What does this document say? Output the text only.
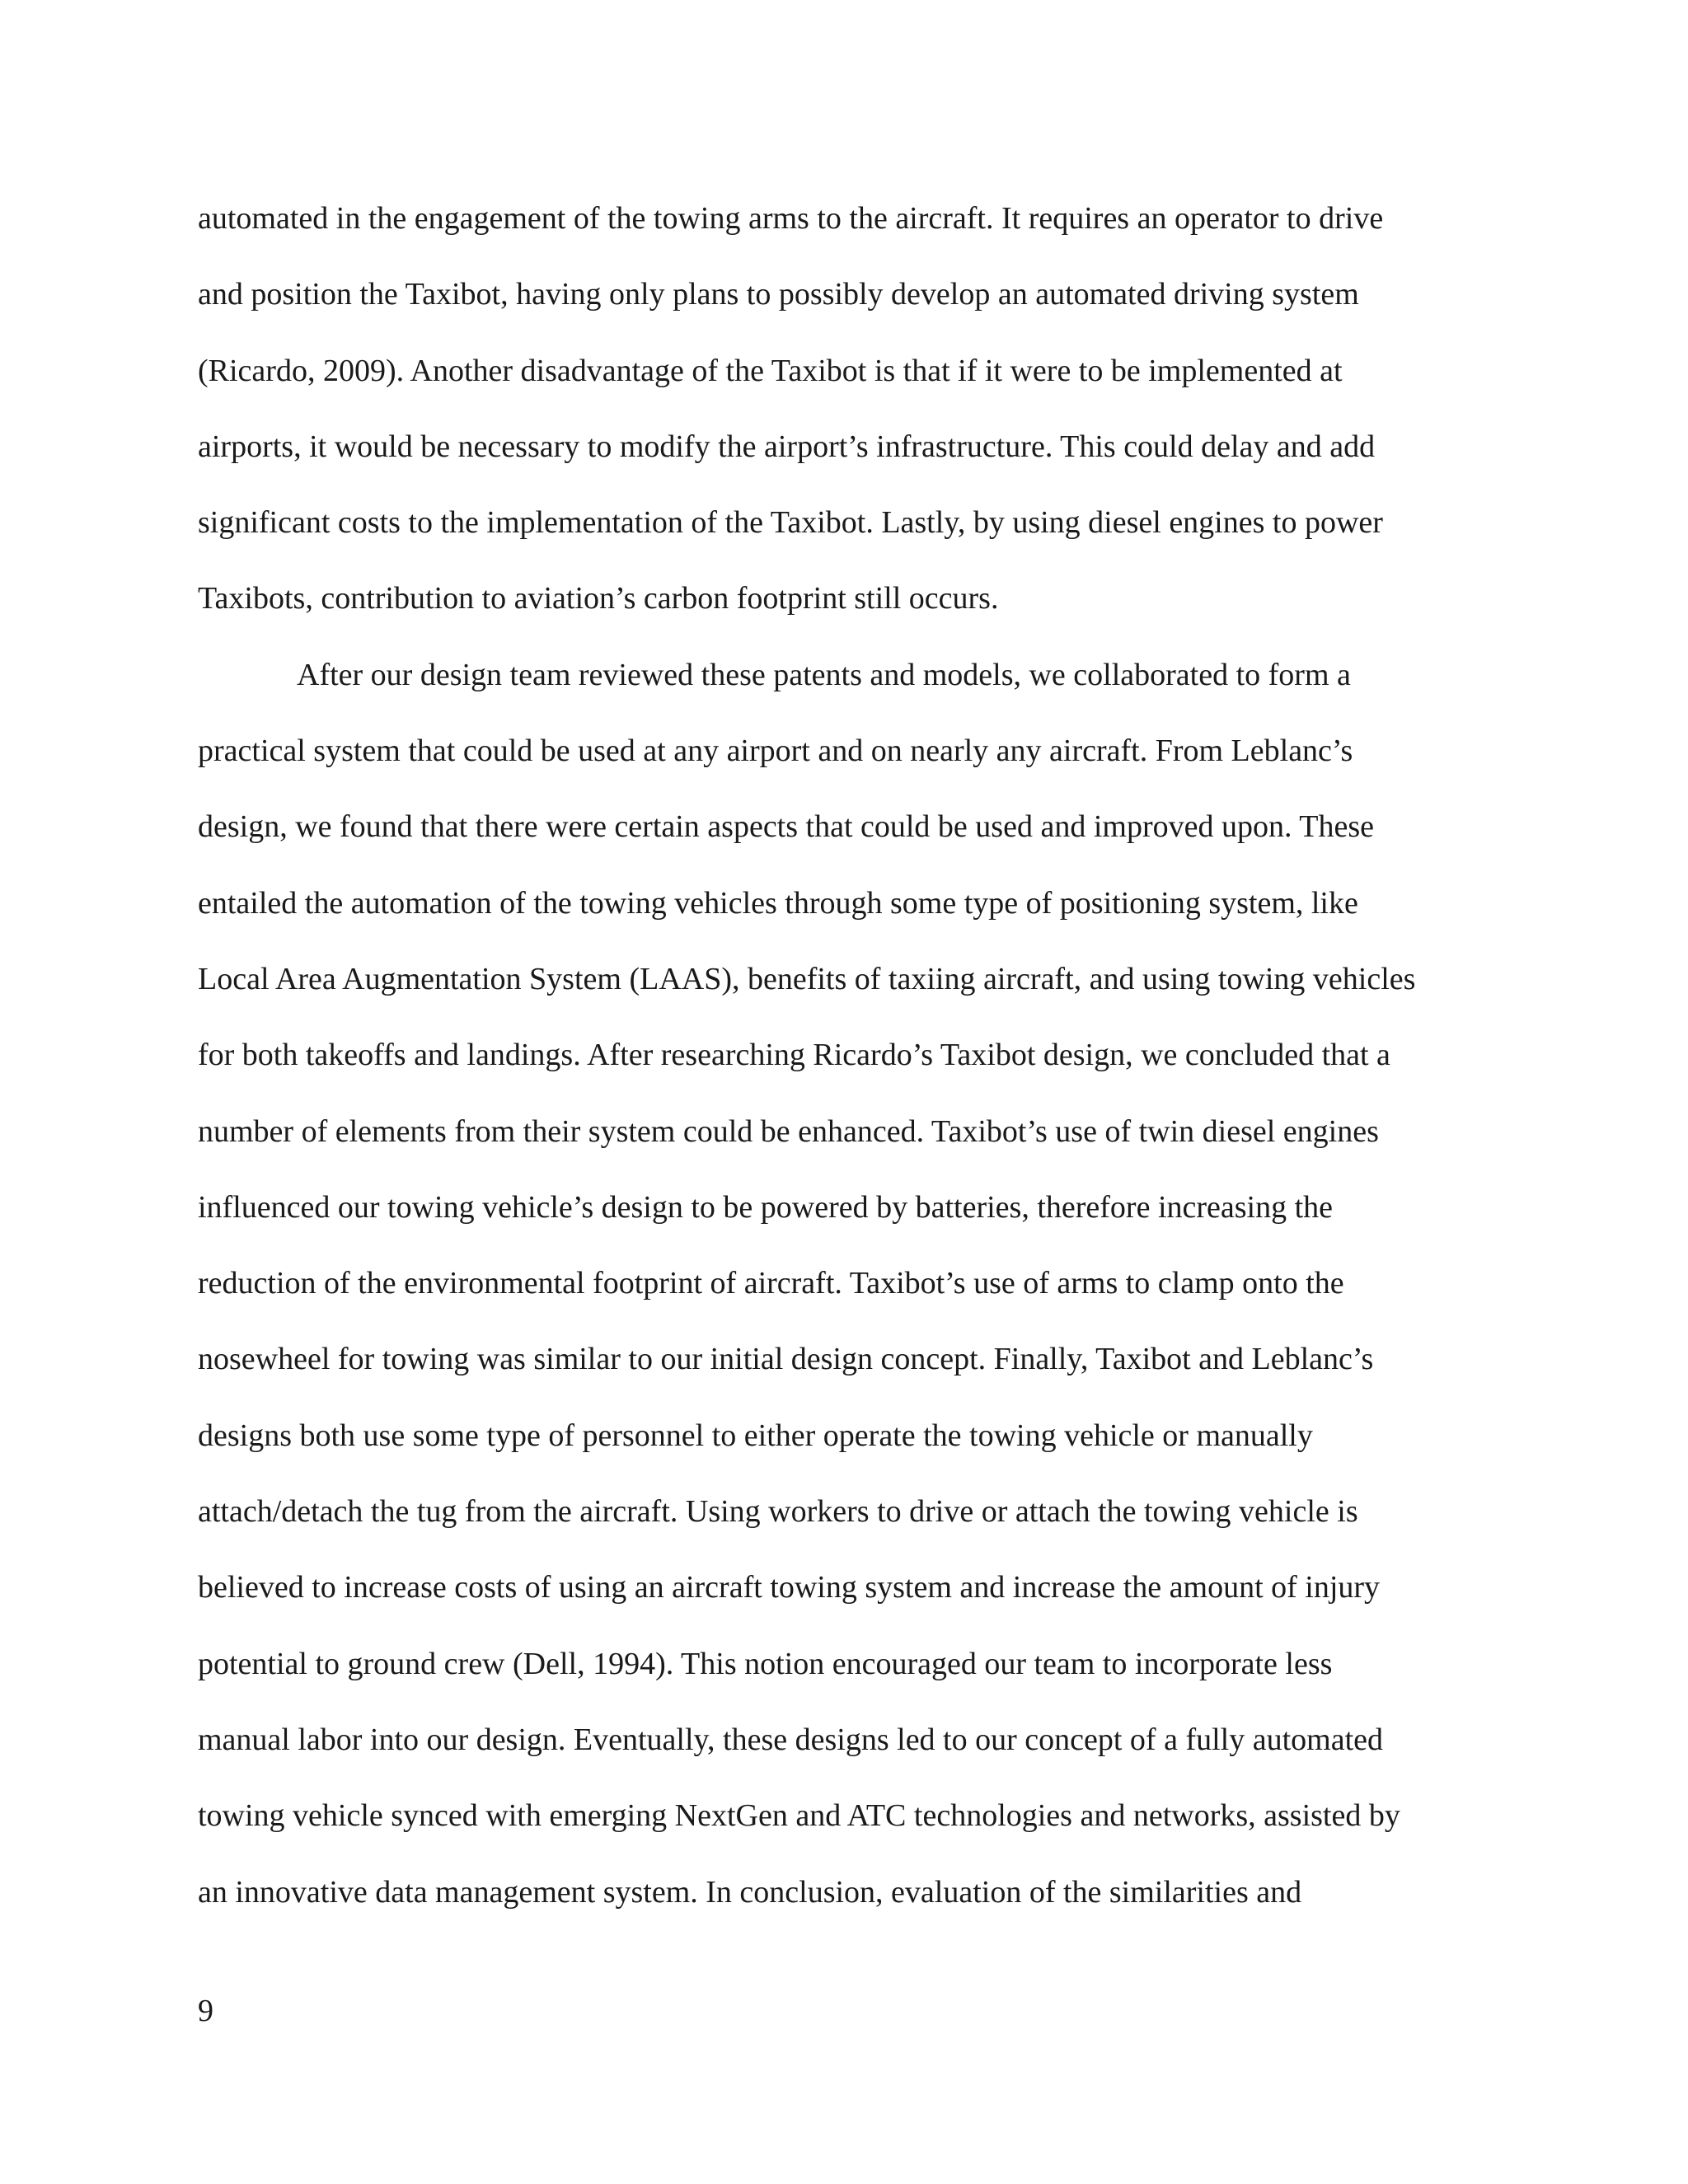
automated in the engagement of the towing arms to the aircraft. It requires an operator to drive
and position the Taxibot, having only plans to possibly develop an automated driving system
(Ricardo, 2009). Another disadvantage of the Taxibot is that if it were to be implemented at
airports, it would be necessary to modify the airport’s infrastructure. This could delay and add
significant costs to the implementation of the Taxibot. Lastly, by using diesel engines to power
Taxibots, contribution to aviation’s carbon footprint still occurs.
After our design team reviewed these patents and models, we collaborated to form a
practical system that could be used at any airport and on nearly any aircraft. From Leblanc’s
design, we found that there were certain aspects that could be used and improved upon. These
entailed the automation of the towing vehicles through some type of positioning system, like
Local Area Augmentation System (LAAS), benefits of taxiing aircraft, and using towing vehicles
for both takeoffs and landings. After researching Ricardo’s Taxibot design, we concluded that a
number of elements from their system could be enhanced. Taxibot’s use of twin diesel engines
influenced our towing vehicle’s design to be powered by batteries, therefore increasing the
reduction of the environmental footprint of aircraft. Taxibot’s use of arms to clamp onto the
nosewheel for towing was similar to our initial design concept. Finally, Taxibot and Leblanc’s
designs both use some type of personnel to either operate the towing vehicle or manually
attach/detach the tug from the aircraft. Using workers to drive or attach the towing vehicle is
believed to increase costs of using an aircraft towing system and increase the amount of injury
potential to ground crew (Dell, 1994). This notion encouraged our team to incorporate less
manual labor into our design. Eventually, these designs led to our concept of a fully automated
towing vehicle synced with emerging NextGen and ATC technologies and networks, assisted by
an innovative data management system. In conclusion, evaluation of the similarities and
9
